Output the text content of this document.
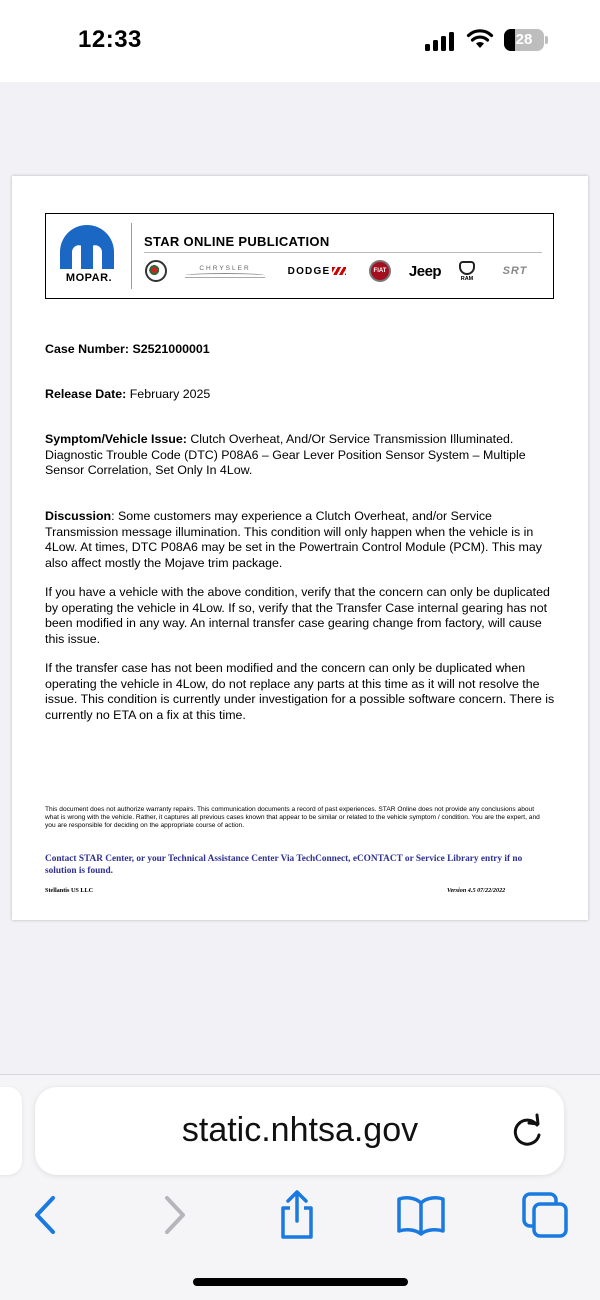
12:33	28
MOPAR.
STAR ONLINE PUBLICATION
CHRYSLER	DODGE	FIAT	Jeep	RAM
SRT
Case Number: S2521000001
Release Date: February 2025
Symptom/Vehicle Issue: Clutch Overheat, And/Or Service Transmission Illuminated. Diagnostic Trouble Code (DTC) P08A6 – Gear Lever Position Sensor System – Multiple Sensor Correlation, Set Only In 4Low.
Discussion: Some customers may experience a Clutch Overheat, and/or Service Transmission message illumination. This condition will only happen when the vehicle is in 4Low. At times, DTC P08A6 may be set in the Powertrain Control Module (PCM). This may also affect mostly the Mojave trim package.
If you have a vehicle with the above condition, verify that the concern can only be duplicated by operating the vehicle in 4Low. If so, verify that the Transfer Case internal gearing has not been modified in any way. An internal transfer case gearing change from factory, will cause this issue.
If the transfer case has not been modified and the concern can only be duplicated when operating the vehicle in 4Low, do not replace any parts at this time as it will not resolve the issue. This condition is currently under investigation for a possible software concern. There is currently no ETA on a fix at this time.
This document does not authorize warranty repairs. This communication documents a record of past experiences. STAR Online does not provide any conclusions about what is wrong with the vehicle. Rather, it captures all previous cases known that appear to be similar or related to the vehicle symptom / condition. You are the expert, and you are responsible for deciding on the appropriate course of action.
Contact STAR Center, or your Technical Assistance Center Via TechConnect, eCONTACT or Service Library entry if no solution is found.
Stellantis US LLC	Version 4.5 07/22/2022
static.nhtsa.gov
